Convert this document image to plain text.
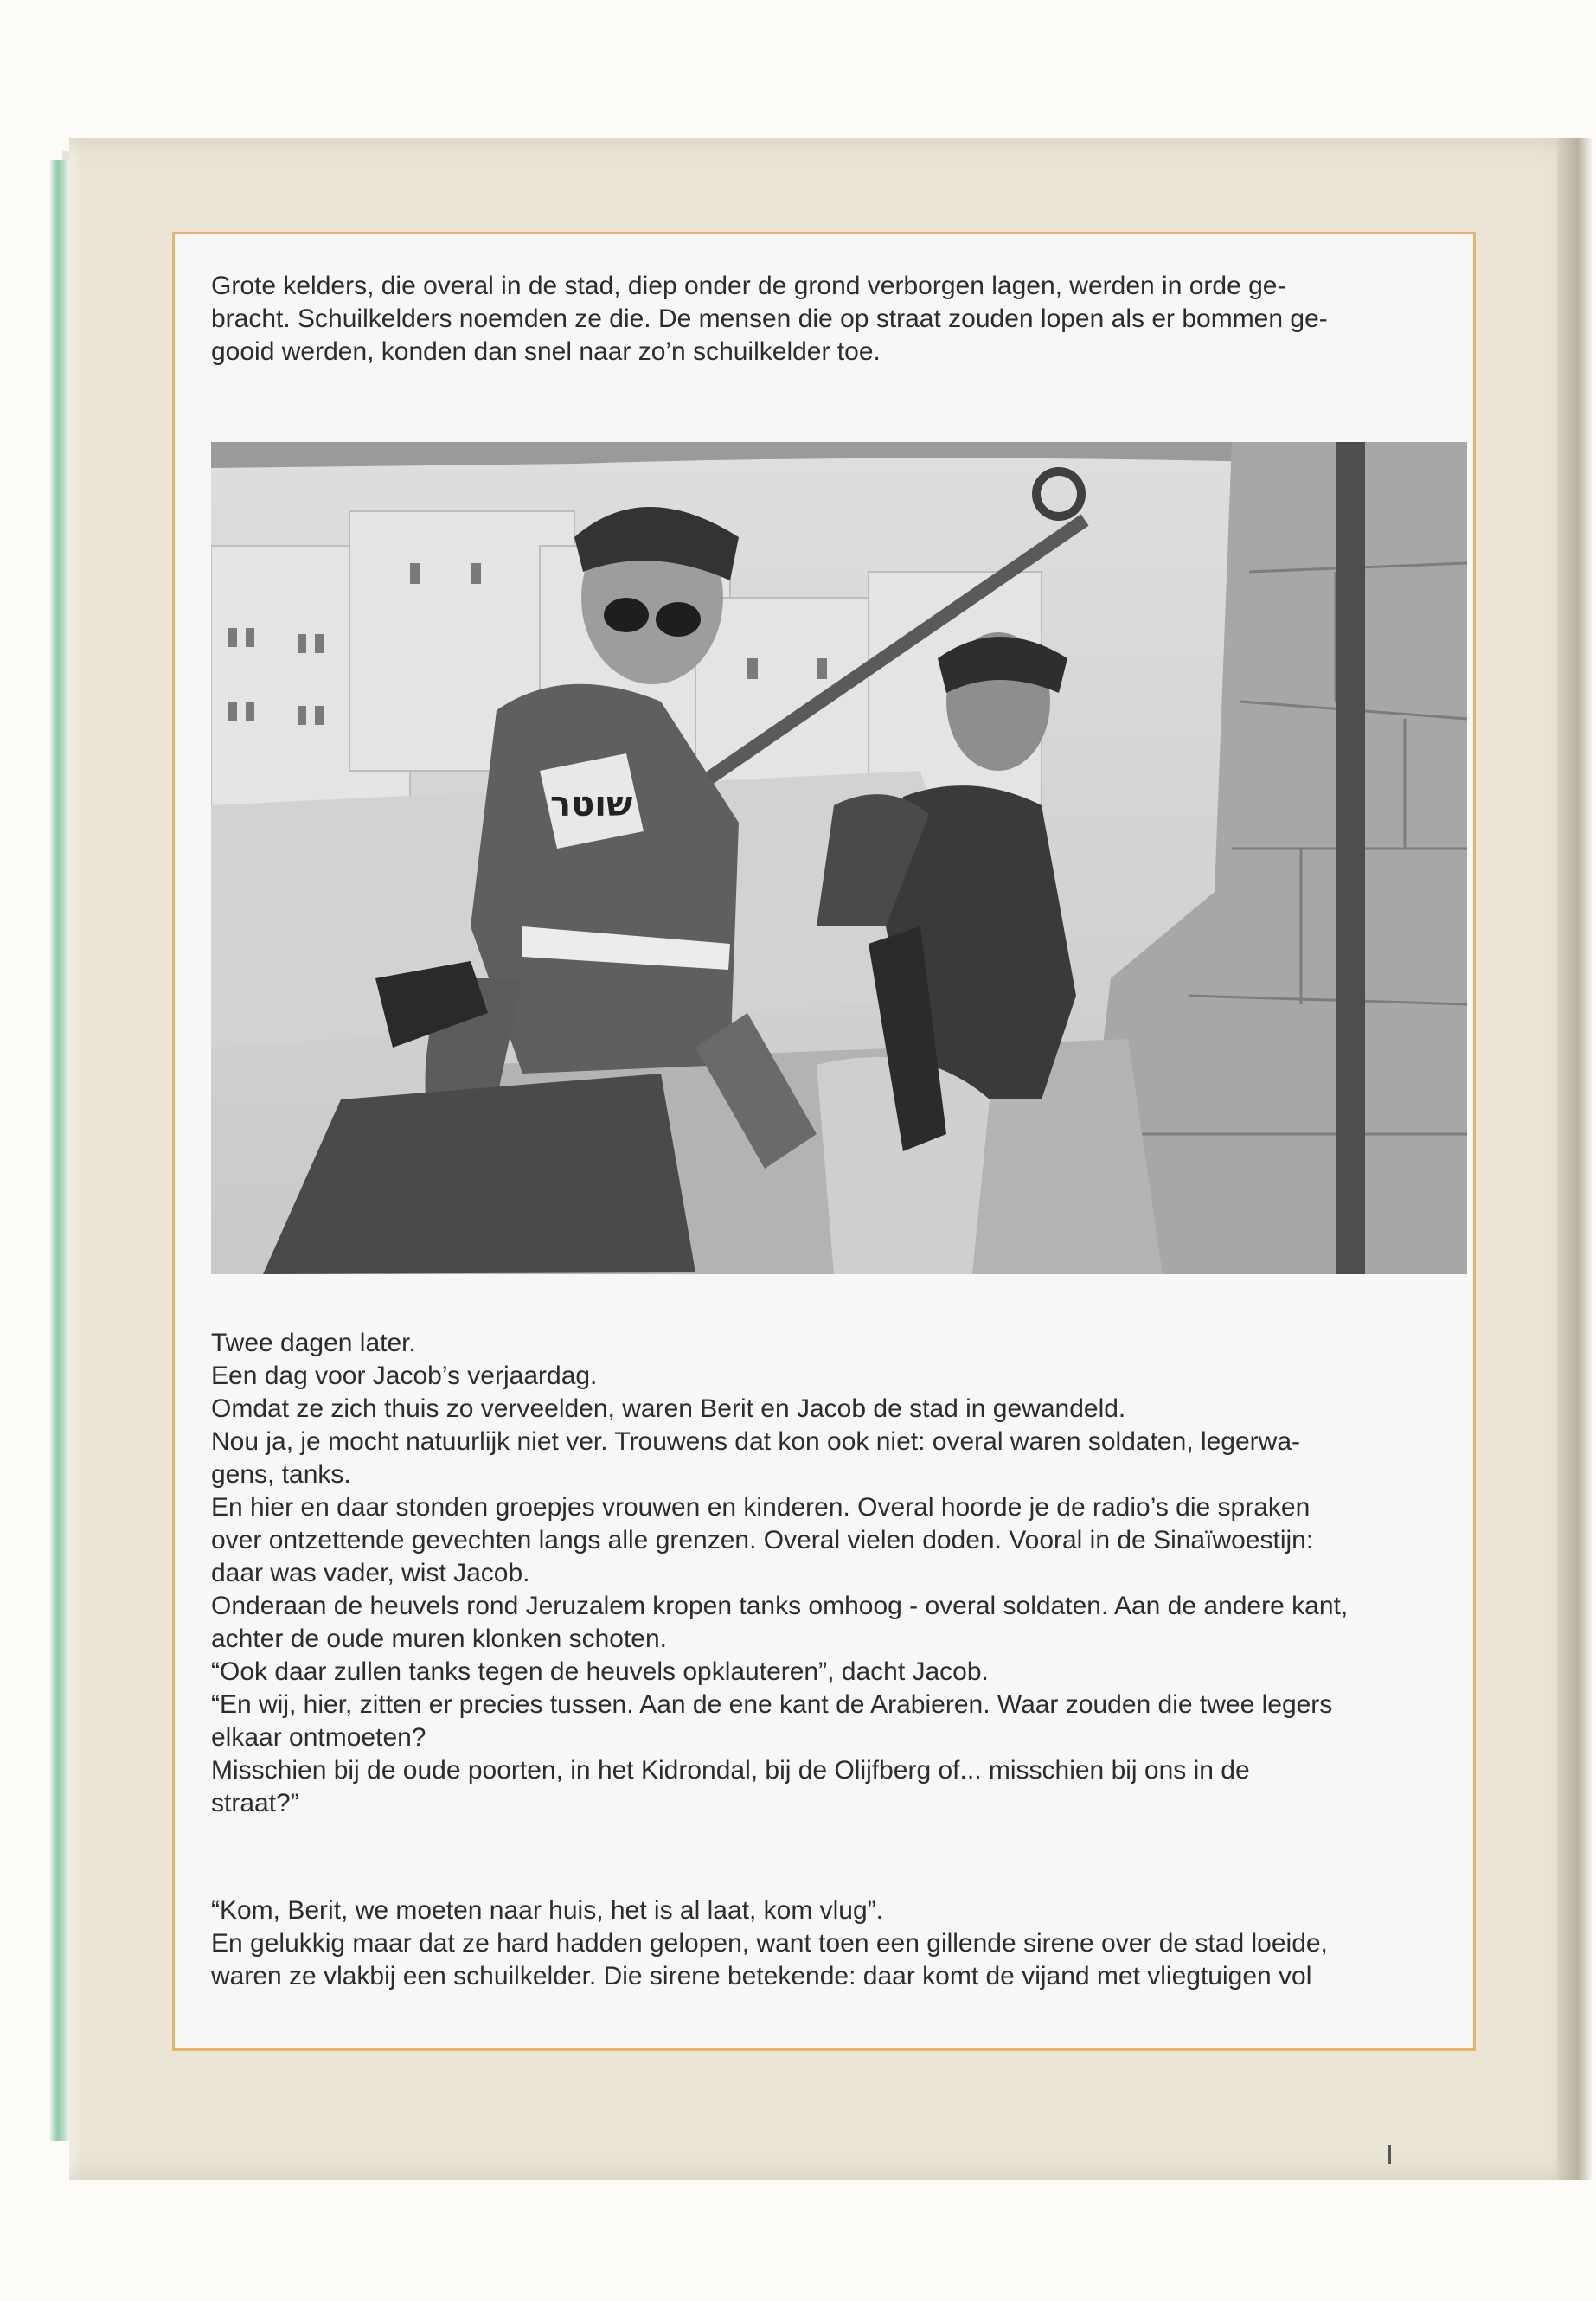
Grote kelders, die overal in de stad, diep onder de grond verborgen lagen, werden in orde ge-

bracht. Schuilkelders noemden ze die. De mensen die op straat zouden lopen als er bommen ge-

gooid werden, konden dan snel naar zo’n schuilkelder toe.

שוטר

Twee dagen later.

Een dag voor Jacob’s verjaardag.

Omdat ze zich thuis zo verveelden, waren Berit en Jacob de stad in gewandeld.

Nou ja, je mocht natuurlijk niet ver. Trouwens dat kon ook niet: overal waren soldaten, legerwa-

gens, tanks.

En hier en daar stonden groepjes vrouwen en kinderen. Overal hoorde je de radio’s die spraken

over ontzettende gevechten langs alle grenzen. Overal vielen doden. Vooral in de Sinaïwoestijn:

daar was vader, wist Jacob.

Onderaan de heuvels rond Jeruzalem kropen tanks omhoog - overal soldaten. Aan de andere kant,

achter de oude muren klonken schoten.

“Ook daar zullen tanks tegen de heuvels opklauteren”, dacht Jacob.

“En wij, hier, zitten er precies tussen. Aan de ene kant de Arabieren. Waar zouden die twee legers

elkaar ontmoeten?

Misschien bij de oude poorten, in het Kidrondal, bij de Olijfberg of... misschien bij ons in de

straat?”

“Kom, Berit, we moeten naar huis, het is al laat, kom vlug”.

En gelukkig maar dat ze hard hadden gelopen, want toen een gillende sirene over de stad loeide,

waren ze vlakbij een schuilkelder. Die sirene betekende: daar komt de vijand met vliegtuigen vol
